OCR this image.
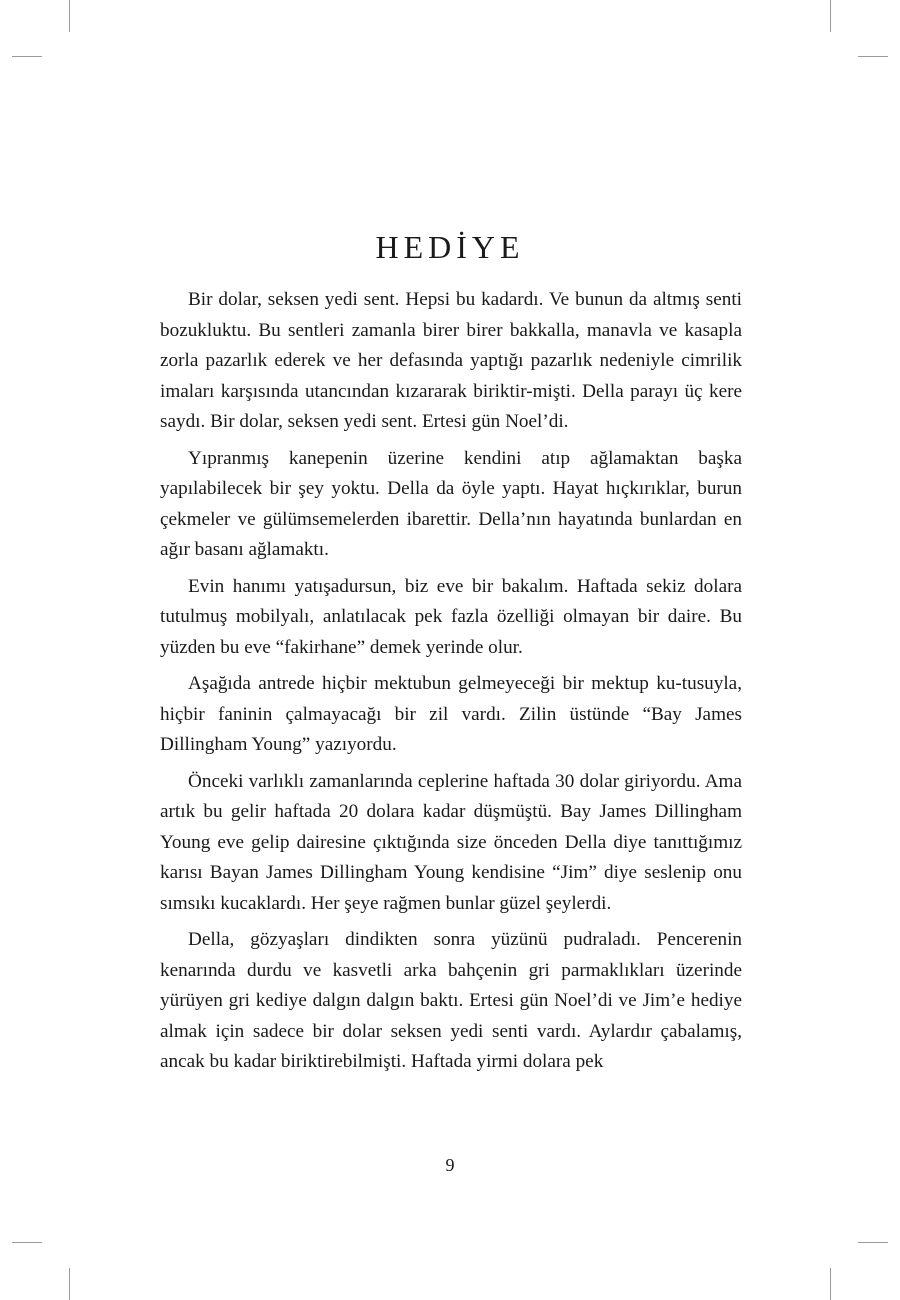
HEDİYE

Bir dolar, seksen yedi sent. Hepsi bu kadardı. Ve bunun da altmış senti bozukluktu. Bu sentleri zamanla birer birer bakkalla, manavla ve kasapla zorla pazarlık ederek ve her defasında yaptığı pazarlık nedeniyle cimrilik imaları karşısında utancından kızararak biriktir-mişti. Della parayı üç kere saydı. Bir dolar, seksen yedi sent. Ertesi gün Noel’di.

Yıpranmış kanepenin üzerine kendini atıp ağlamaktan başka yapılabilecek bir şey yoktu. Della da öyle yaptı. Hayat hıçkırıklar, burun çekmeler ve gülümsemelerden ibarettir. Della’nın hayatında bunlardan en ağır basanı ağlamaktı.

Evin hanımı yatışadursun, biz eve bir bakalım. Haftada sekiz dolara tutulmuş mobilyalı, anlatılacak pek fazla özelliği olmayan bir daire. Bu yüzden bu eve “fakirhane” demek yerinde olur.

Aşağıda antrede hiçbir mektubun gelmeyeceği bir mektup ku-tusuyla, hiçbir faninin çalmayacağı bir zil vardı. Zilin üstünde “Bay James Dillingham Young” yazıyordu.

Önceki varlıklı zamanlarında ceplerine haftada 30 dolar giriyordu. Ama artık bu gelir haftada 20 dolara kadar düşmüştü. Bay James Dillingham Young eve gelip dairesine çıktığında size önceden Della diye tanıttığımız karısı Bayan James Dillingham Young kendisine “Jim” diye seslenip onu sımsıkı kucaklardı. Her şeye rağmen bunlar güzel şeylerdi.

Della, gözyaşları dindikten sonra yüzünü pudraladı. Pencerenin kenarında durdu ve kasvetli arka bahçenin gri parmaklıkları üzerinde yürüyen gri kediye dalgın dalgın baktı. Ertesi gün Noel’di ve Jim’e hediye almak için sadece bir dolar seksen yedi senti vardı. Aylardır çabalamış, ancak bu kadar biriktirebilmişti. Haftada yirmi dolara pek

9
